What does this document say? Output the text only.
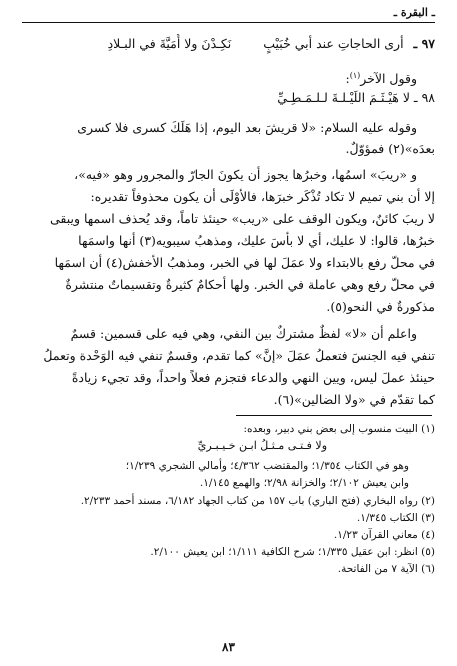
ـ البقرة ـ
٩٧ ـ أرى الحاجاتِ عند أبي خُبَيْبٍ نَكِـدْنَ ولا أُمَيَّةَ في البـلادِ
وقول الآخر$^{(١)}$:
٩٨ ـ لا هَيْـثَـمَ اللَيْـلـةَ لـلـمَـطِـيِّ
وقوله عليه السلام: «لا قريشَ بعد اليوم، إذا هَلَكَ كسرى فلا كسرى
بعدَه»(٢) فمؤوّلٌ.
و «ريبَ» اسمُها، وخبرُها يجوز أن يكونَ الجارّ والمجرور وهو «فيه»،
إلا أن بني تميم لا تكاد تُذْكَر خبرَها، فالأوْلَى أن يكون محذوفاً تقديره:
لا ريبَ كائنٌ، ويكون الوقف على «ريب» حينئذ تاماً، وقد يُحذف اسمها ويبقى
خبرُها، قالوا: لا عليك، أي لا بأسَ عليك، ومذهبُ سيبويه(٣) أنها واسمَها
في محلّ رفع بالابتداء ولا عمَلَ لها في الخبر، ومذهبُ الأخفش(٤) أن اسمَها
في محلّ رفع وهي عاملة في الخبر. ولها أحكامٌ كثيرةٌ وتقسيماتٌ منتشرةٌ
مذكورةٌ في النحو(٥).
واعلم أن «لا» لفظٌ مشتركٌ بين النفي، وهي فيه على قسمين: قسمٌ
تنفي فيه الجنسَ فتعملُ عمَلَ «إنَّ» كما تقدم، وقسمٌ تنفي فيه الوَحْدة وتعملُ
حينئذ عملَ ليس، ويين النهي والدعاء فتجزم فعلاً واحداً، وقد تجيء زيادةً
كما تقدّم في «ولا الضالين»(٦).
(١) البيت منسوب إلى بعض بني دبير، وبعده:
ولا فـتـى مـثـلُ ابـن خـيـبـريِّ
وهو في الكتاب ١/٣٥٤؛ والمقتضب ٤/٣٦٢؛ وأمالي الشجري ١/٢٣٩؛
وابن يعيش ٢/١٠٢؛ والخزانة ٢/٩٨؛ والهمع ١/١٤٥.
(٢) رواه البخاري (فتح الباري) باب ١٥٧ من كتاب الجهاد ٦/١٨٢، مسند أحمد ٢/٢٣٣.
(٣) الكتاب ١/٣٤٥.
(٤) معاني القرآن ١/٢٣.
(٥) انظر: ابن عقيل ١/٣٣٥؛ شرح الكافية ١/١١١؛ ابن يعيش ٢/١٠٠.
(٦) الآية ٧ من الفاتحة.
٨٣
